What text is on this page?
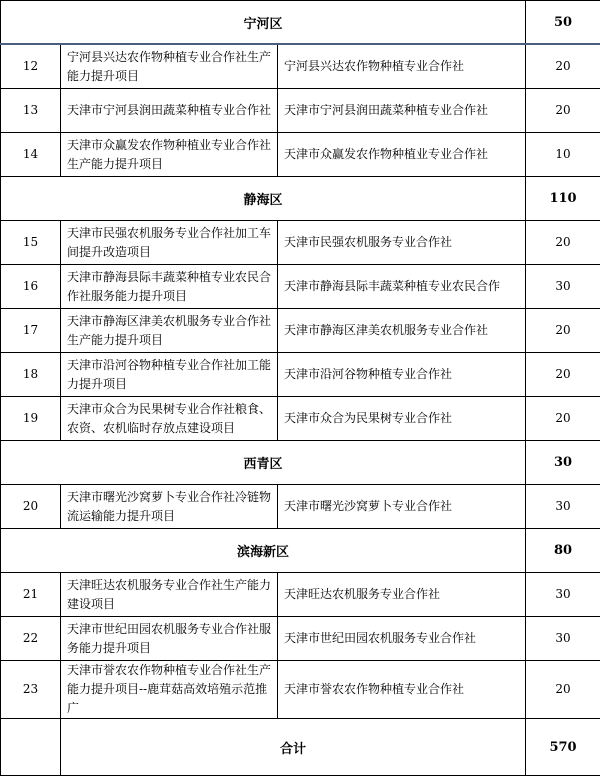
宁河区			50
12	宁河县兴达农作物种植专业合作社生产能力提升项目	宁河县兴达农作物种植专业合作社	20
13	天津市宁河县润田蔬菜种植专业合作社	天津市宁河县润田蔬菜种植专业合作社	20
14	天津市众赢发农作物种植业专业合作社生产能力提升项目	天津市众赢发农作物种植业专业合作社	10
静海区			110
15	天津市民强农机服务专业合作社加工车间提升改造项目	天津市民强农机服务专业合作社	20
16	天津市静海县际丰蔬菜种植专业农民合作社服务能力提升项目	天津市静海县际丰蔬菜种植专业农民合作	30
17	天津市静海区津美农机服务专业合作社生产能力提升项目	天津市静海区津美农机服务专业合作社	20
18	天津市沿河谷物种植专业合作社加工能力提升项目	天津市沿河谷物种植专业合作社	20
19	天津市众合为民果树专业合作社粮食、农资、农机临时存放点建设项目	天津市众合为民果树专业合作社	20
西青区			30
20	天津市曙光沙窝萝卜专业合作社冷链物流运输能力提升项目	天津市曙光沙窝萝卜专业合作社	30
滨海新区			80
21	天津旺达农机服务专业合作社生产能力建设项目	天津旺达农机服务专业合作社	30
22	天津市世纪田园农机服务专业合作社服务能力提升项目	天津市世纪田园农机服务专业合作社	30
23	天津市誉农农作物种植专业合作社生产能力提升项目--鹿茸菇高效培殖示范推广	天津市誉农农作物种植专业合作社	20
	合计		570
